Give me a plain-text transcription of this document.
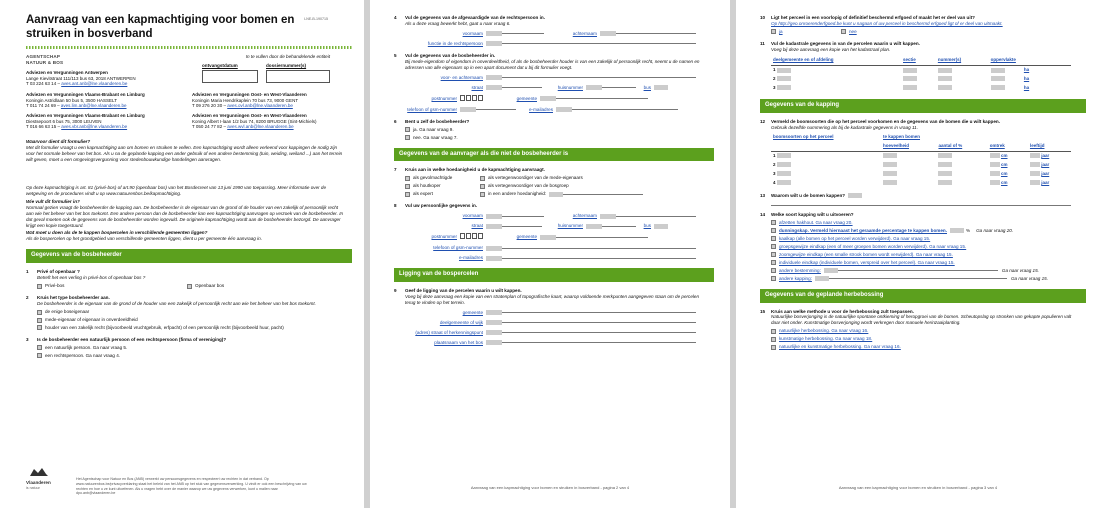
LNE-B-190715
Aanvraag van een kapmachtiging voor bomen en struiken in bosverband
AGENTSCHAP
NATUUR & BOS
In te vullen door de behandelende entiteit
ontvangstdatum	dossiernummer(s)
Adviezen en Vergunningen Antwerpen
Lange Kievitstraat 111/113 bus 63, 2018 ANTWERPEN
T 03 224 63 14 – aves.ant.anb@lne.vlaanderen.be
Adviezen en Vergunningen Vlaams-Brabant en Limburg
Koningin Astridlaan 50 bus 5, 3500 HASSELT
T 011 74 24 69 – aves.lim.anb@lne.vlaanderen.be
Adviezen en Vergunningen Oost- en West-Vlaanderen
Koningin Maria Hendrikaplein 70 bus 73, 9000 GENT
T 09 276 20 30 – aves.ovl.anb@lne.vlaanderen.be
Adviezen en Vergunningen Vlaams-Brabant en Limburg
Diestsepoort 6 bus 75, 3000 LEUVEN
T 016 66 63 15 – aves.vbr.anb@lne.vlaanderen.be
Adviezen en Vergunningen Oost- en West-Vlaanderen
Koning Albert I-laan 1/2 bus 74, 8200 BRUGGE (Sint-Michiels)
T 050 24 77 82 – aves.wvl.anb@lne.vlaanderen.be
Waarvoor dient dit formulier?
Met dit formulier vraagt u een kapmachtiging aan om bomen en struiken te vellen. Een kapmachtiging wordt alleen verleend voor kappingen de nodig zijn voor het normale beheer van het bos. Als u na de geplande kapping een ander gebruik of een andere bestemming (tuin, weiding, weiland ...) aan het terrein wilt geven, moet u een omgevingsvergunning voor stedenbouwkundige handelingen aanvragen.
Op deze kapmachtiging is art. 81 (privé-bos) of art.90 (openbaar bos) van het Bosdecreet van 13 juni 1990 van toepassing. Meer informatie over de wetgeving en de procedures vindt u op www.natuurenbos.be/kapmachtiging.
Wie vult dit formulier in?
Normaal gezien vraagt de bosbeheerder de kapping aan. De bosbeheerder is de eigenaar van de grond of de houder van een zakelijk of persoonlijk recht aan wie het beheer van het bos toekomt. Een andere persoon dan de bosbeheerder kan een kapmachtiging aanvragen op verzoek van de bosbeheerder. In dat geval moeten ook de gegevens van de bosbeheerder worden ingevuld. De originele kapmachtiging wordt aan de bosbeheerder bezorgd. De aanvrager krijgt een kopie toegestuurd.
Wat moet u doen als de te kappen bospercelen in verschillende gemeenten liggen?
Als de bospercelen op het grondgebied van verschillende gemeenten liggen, dient u per gemeente één aanvraag in.
Gegevens van de bosbeheerder
1	Privé of openbaar ?
Betreft het een verling in privé-bos of openbaar bos ?
Privé-bos	Openbaar bos
2	Kruis het type bosbeheerder aan.
De bosbeheerder is de eigenaar van de grond of de houder van een zakelijk of persoonlijk recht aan wie het beheer van het bos toekomt.
de enige boseigenaar
mede-eigenaar of eigenaar in onverdeeldheid
houder van een zakelijk recht (bijvoorbeeld vruchtgebruik, erfpacht) of een persoonlijk recht (bijvoorbeeld huur, pacht)
3	Is de bosbeheerder een natuurlijk persoon of een rechtspersoon (firma of vereniging)?
een natuurlijk persoon. Ga naar vraag 5.
een rechtspersoon. Ga naar vraag 4.
Vlaanderen
is natuur
Het Agentschap voor Natuur en Bos (ANB) verwerkt uw persoonsgegevens en respecteert uw rechten in dat verband. Op www.natuurenbos.be/privacyverklaring staat het beleid van het ANB op het stuk van gegevensverwerking. U vindt er ook een beschrijving van uw rechten en hoe u ze kunt uitoefenen. Als u vragen hebt over de manier waarop we uw gegevens verwerken, kunt u mailen naar dpo.anb@vlaanderen.be
4	Vul de gegevens van de afgevaardigde van de rechtspersoon in.
Als u deze vraag bewerkt hebt, gaat u naar vraag 6.
voornaam	achternaam
functie in de rechtspersoon
5	Vul de gegevens van de bosbeheerder in.
Bij mede-eigendom of eigendom in onverdeeldheid, of als de bosbeheerder houder is van een zakelijk of persoonlijk recht, neemt u de namen en adressen van alle eigenaars op in een apart document dat u bij dit formulier voegt.
voor- en achternaam
straat	huisnummer	bus
postnummer	gemeente
telefoon of gsm-nummer	e-mailadres
6	Bent u zelf de bosbeheerder?
ja. Ga naar vraag 9.
nee. Ga naar vraag 7.
Gegevens van de aanvrager als die niet de bosbeheerder is
7	Kruis aan in welke hoedanigheid u de kapmachtiging aanvraagt.
als gevolmachtigde	als vertegenwoordiger van de mede-eigenaars
als houtkoper	als vertegenwoordiger van de bosgroep
als expert	in een andere hoedanigheid:
8	Vul uw persoonlijke gegevens in.
voornaam	achternaam
straat	huisnummer	bus
postnummer	gemeente
telefoon of gsm-nummer
e-mailadres
Ligging van de bospercelen
9	Geef de ligging van de percelen waarin u wilt kappen.
Voeg bij deze aanvraag een kopie van een stratenplan of topografische kaart, waarop voldoende merkpunten aangegeven staan om de percelen terug te vinden op het terrein.
gemeente
deelgemeente of wijk
(adres) straat of herkenningspunt
plaatsnaam van het bos
Aanvraag van een kapmachtiging voor bomen en struiken in bosverband - pagina 2 van 4
10	Ligt het perceel in een voorlopig of definitief beschermd erfgoed of maakt het er deel van uit?
Op http://geo.onroerenderfgoed.be kunt u nagaan of uw perceel in beschermd erfgoed ligt of er deel van uitmaakt.
ja	nee
11	Vul de kadastrale gegevens in van de percelen waarin u wilt kappen.
Voeg bij deze aanvraag een kopie van het kadastraal plan.
deelgemeente en of afdeling	sectie	nummer(s)	oppervlakte
1			ha
2			ha
3			ha
Gegevens van de kapping
12	Vermeld de boomsoorten die op het perceel voorkomen en de gegevens van de bomen die u wilt kappen.
Gebruik dezelfde nummering als bij de kadastrale gegevens in vraag 11.
boomsoorten op het perceel	te kappen bomen			
	hoeveelheid	aantal of %	omtrek	leeftijd
1			cm	jaar
2			cm	jaar
3			cm	jaar
4			cm	jaar
13	Waarom wilt u de bomen kappen?
14	Welke soort kapping wilt u uitvoeren?
afzetten hakhout. Ga naar vraag 20.
dunningskap. Vermeld hiernaast het geraamde percentage te kappen bomen.	% Ga naar vraag 20.
kaalkap (alle bomen op het perceel worden verwijderd). Ga naar vraag 15.
groepsgewijze eindkap (een of meer groepen bomen worden verwijderd). Ga naar vraag 15.
zoomgewijze eindkap (een smalle strook bomen wordt verwijderd). Ga naar vraag 15.
individuele eindkap (individuele bomen, verspreid over het perceel). Ga naar vraag 15.
andere bestemming:	Ga naar vraag 15.
andere kapping:	Ga naar vraag 15.
Gegevens van de geplande herbebossing
15	Kruis aan welke methode u voor de herbebossing zult toepassen.
Natuurlijke bosverjonging is de natuurlijke spontane ontkieming of heropgroei van de bomen. Scheutopslag op stronken van gekapte populieren valt daar niet onder. Kunstmatige bosverjonging wordt verkregen door manuele herinzaaiplanting.
natuurlijke herbebossing. Ga naar vraag 16.
kunstmatige herbebossing. Ga naar vraag 18.
natuurlijke en kunstmatige herbebossing. Ga naar vraag 16.
Aanvraag van een kapmachtiging voor bomen en struiken in bosverband - pagina 3 van 4
